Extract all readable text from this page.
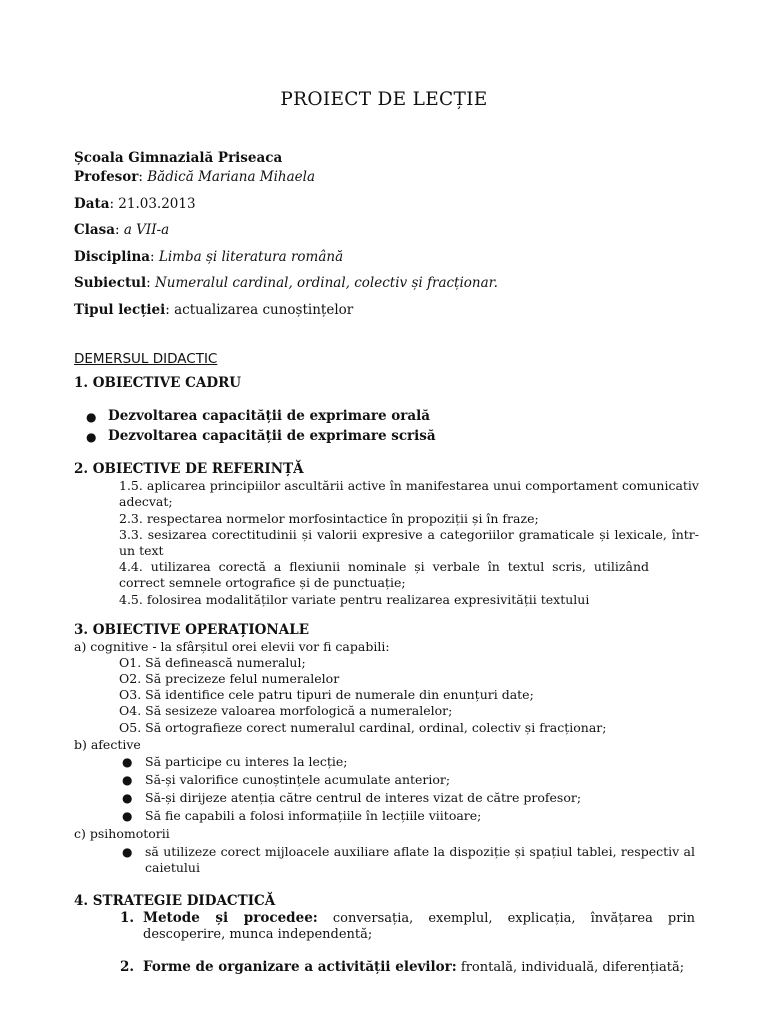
PROIECT DE LECȚIE
Școala Gimnazială Priseaca
Profesor: Bădică Mariana Mihaela
Data: 21.03.2013
Clasa: a VII-a
Disciplina: Limba și literatura română
Subiectul: Numeralul cardinal, ordinal, colectiv și fracționar.
Tipul lecției: actualizarea cunoștințelor
DEMERSUL DIDACTIC
1. OBIECTIVE CADRU
● Dezvoltarea capacității de exprimare orală
● Dezvoltarea capacității de exprimare scrisă
2. OBIECTIVE DE REFERINȚĂ
1.5. aplicarea principiilor ascultării active în manifestarea unui comportament comunicativ adecvat;
2.3. respectarea normelor morfosintactice în propoziții și în fraze;
3.3. sesizarea corectitudinii și valorii expresive a categoriilor gramaticale și lexicale, într-un text
4.4. utilizarea corectă a flexiunii nominale și verbale în textul scris, utilizând correct semnele ortografice și de punctuație;
4.5. folosirea modalităților variate pentru realizarea expresivității textului
3. OBIECTIVE OPERAȚIONALE
a) cognitive - la sfârșitul orei elevii vor fi capabili:
O1. Să definească numeralul;
O2. Să precizeze felul numeralelor
O3. Să identifice cele patru tipuri de numerale din enunțuri date;
O4. Să sesizeze valoarea morfologică a numeralelor;
O5. Să ortografieze corect numeralul cardinal, ordinal, colectiv și fracționar;
b) afective
● Să participe cu interes la lecție;
● Să-și valorifice cunoștințele acumulate anterior;
● Să-și dirijeze atenția către centrul de interes vizat de către profesor;
● Să fie capabili a folosi informațiile în lecțiile viitoare;
c) psihomotorii
● să utilizeze corect mijloacele auxiliare aflate la dispoziție și spațiul tablei, respectiv al caietului
4. STRATEGIE DIDACTICĂ
1. Metode și procedee: conversația, exemplul, explicația, învățarea prin descoperire, munca independentă;
2. Forme de organizare a activității elevilor: frontală, individuală, diferențiată;
